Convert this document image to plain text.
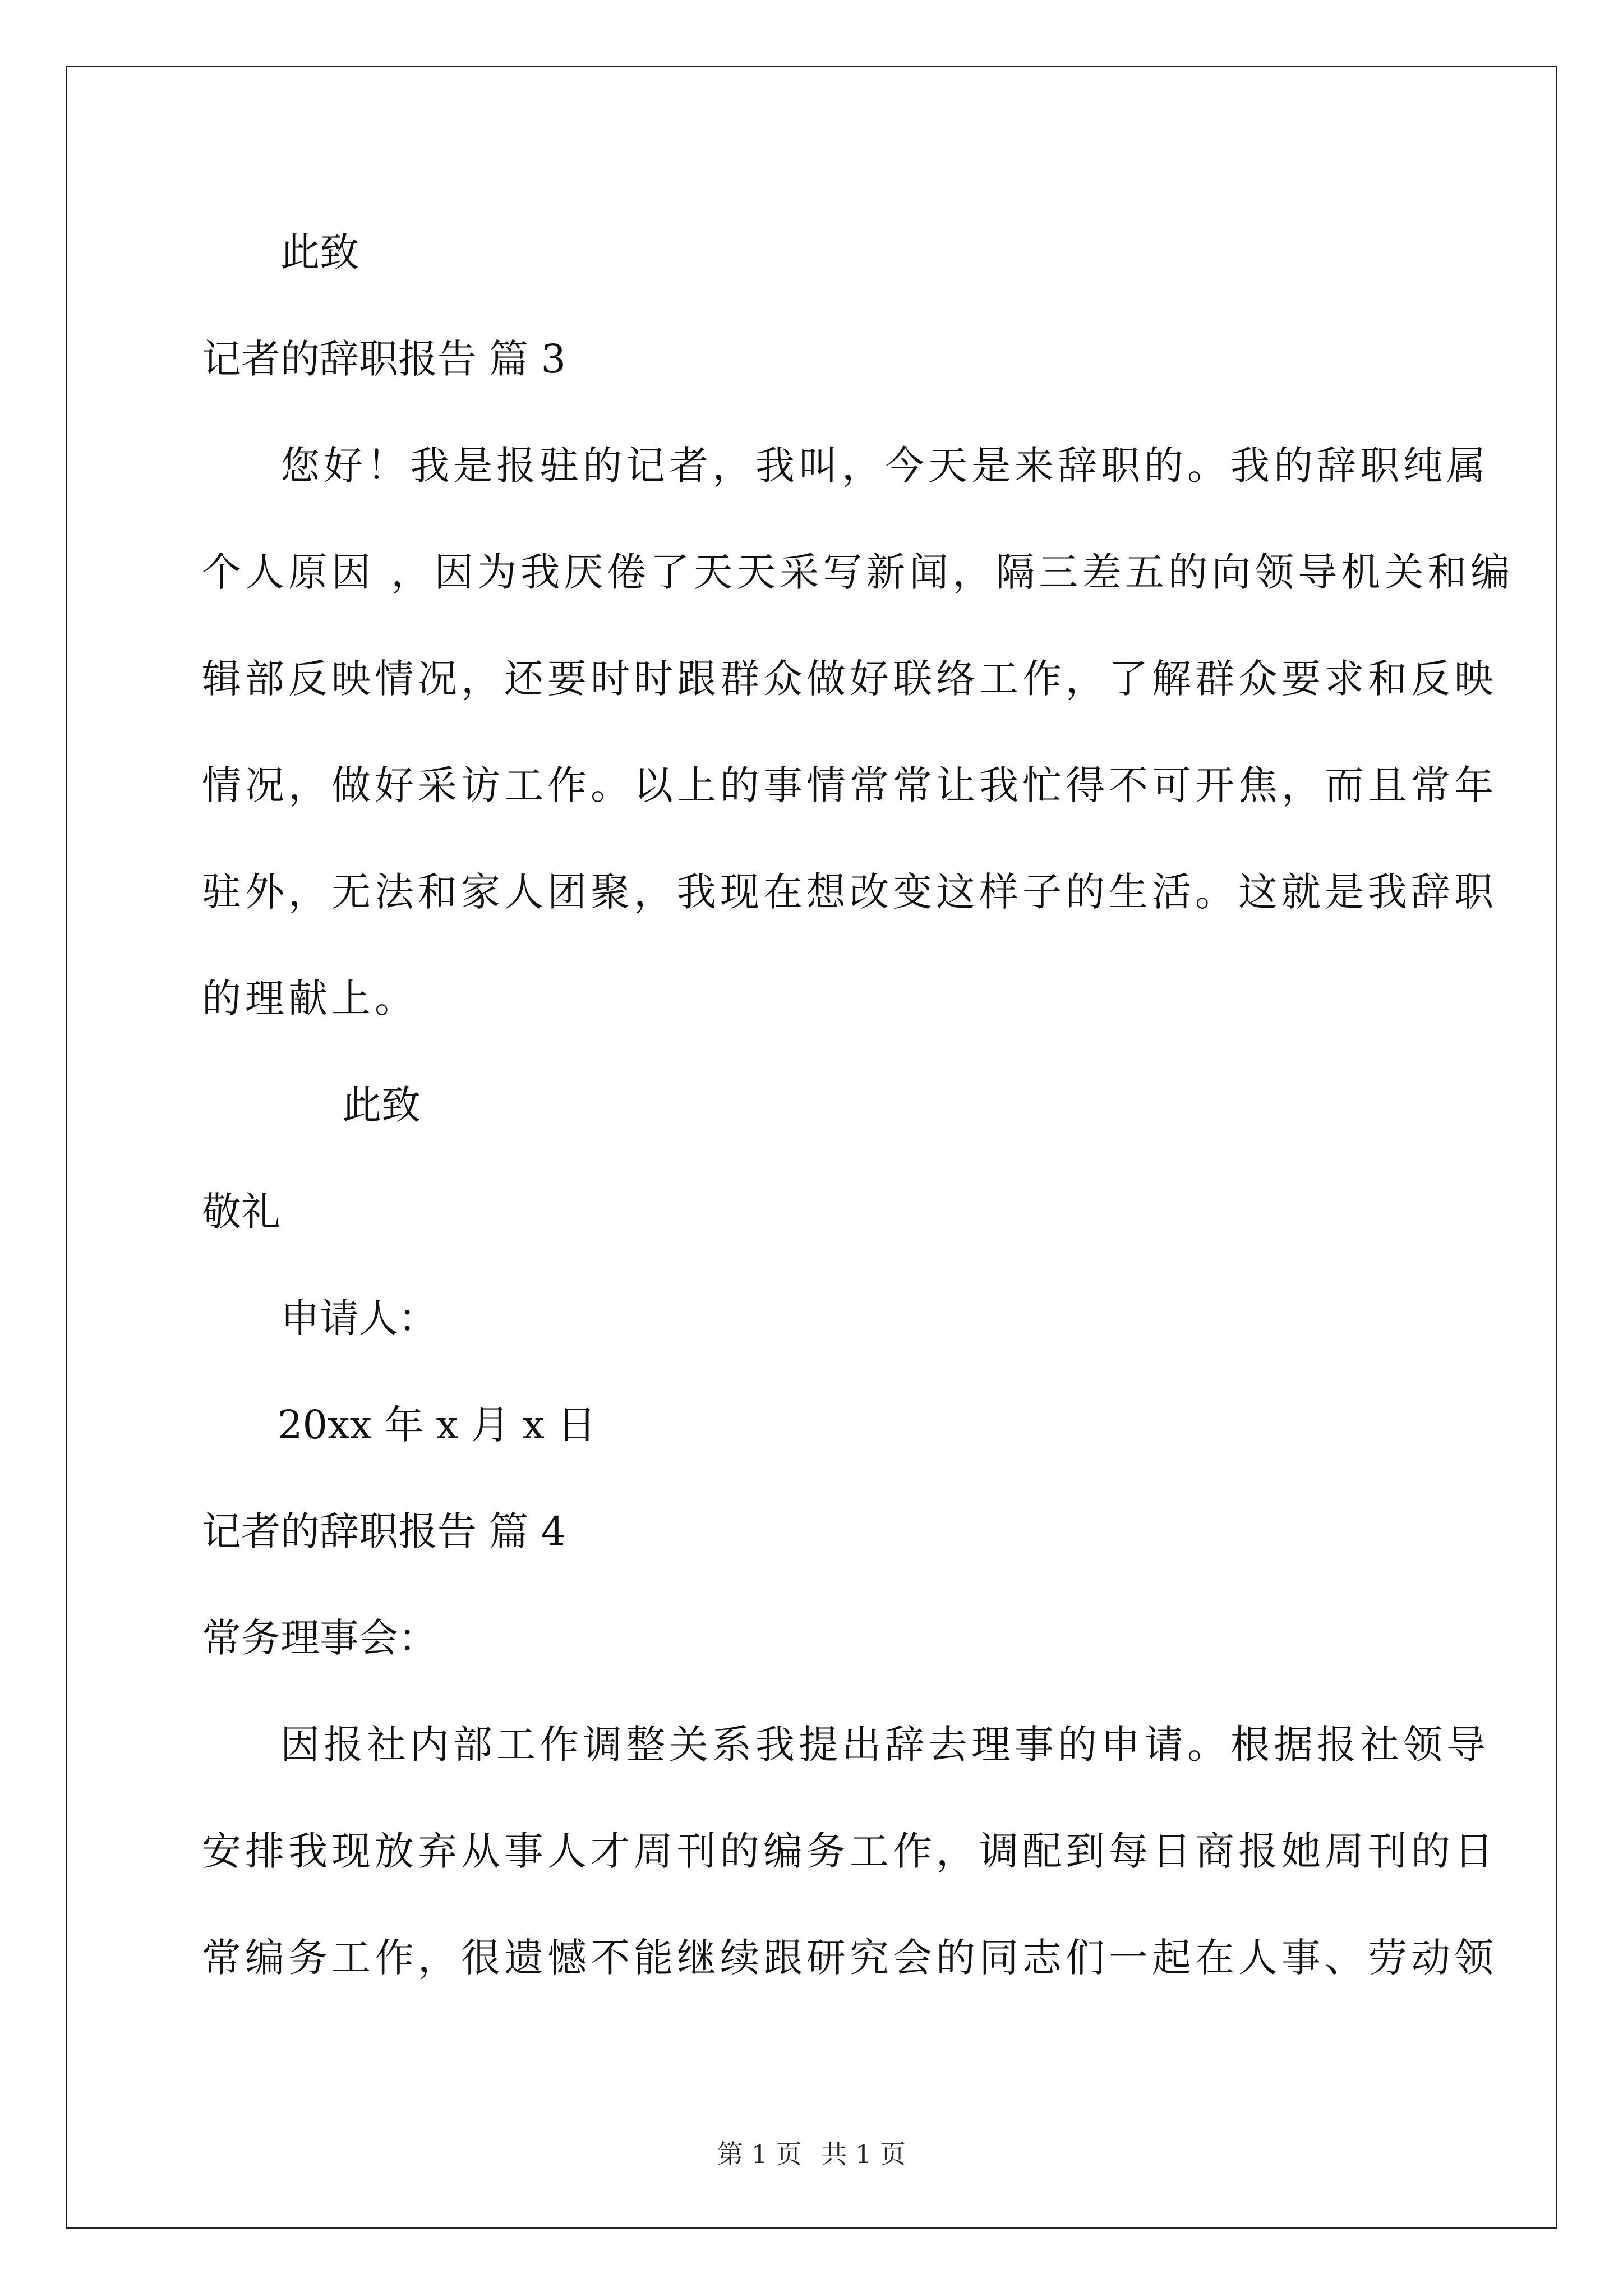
此致
记者的辞职报告 篇 3
您好！我是报驻的记者，我叫，今天是来辞职的。我的辞职纯属
个人原因 ，因为我厌倦了天天采写新闻，隔三差五的向领导机关和编
辑部反映情况，还要时时跟群众做好联络工作，了解群众要求和反映
情况，做好采访工作。以上的事情常常让我忙得不可开焦，而且常年
驻外，无法和家人团聚，我现在想改变这样子的生活。这就是我辞职
的理献上。
此致
敬礼
申请人：
20xx 年 x 月 x 日
记者的辞职报告 篇 4
常务理事会：
因报社内部工作调整关系我提出辞去理事的申请。根据报社领导
安排我现放弃从事人才周刊的编务工作，调配到每日商报她周刊的日
常编务工作，很遗憾不能继续跟研究会的同志们一起在人事、劳动领
第 1 页 共 1 页
